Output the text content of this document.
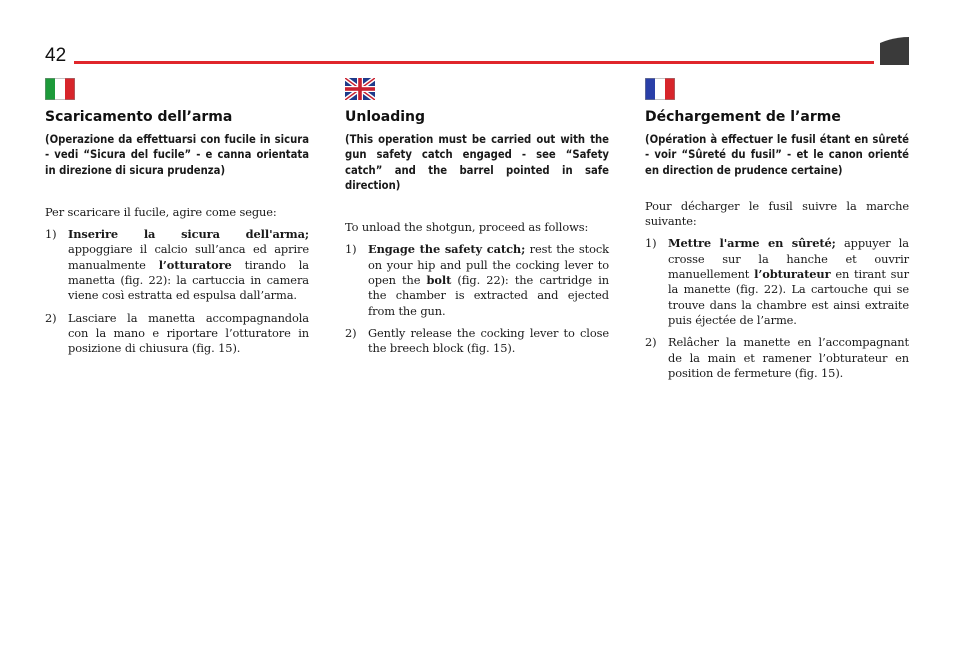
42
Scaricamento dell’arma

(Operazione da effettuarsi con fucile in sicura - vedi “Sicura del fucile” - e canna orientata in direzione di sicura prudenza)

Per scaricare il fucile, agire come segue:

1) Inserire la sicura dell'arma; appoggiare il calcio sull’anca ed aprire manualmente l’otturatore tirando la manetta (fig. 22): la cartuccia in camera viene così estratta ed espulsa dall’arma.
2) Lasciare la manetta accompagnandola con la mano e riportare l’otturatore in posizione di chiusura (fig. 15).
Unloading

(This operation must be carried out with the gun safety catch engaged - see “Safety catch” and the barrel pointed in safe direction)

To unload the shotgun, proceed as follows:

1) Engage the safety catch; rest the stock on your hip and pull the cocking lever to open the bolt (fig. 22): the cartridge in the chamber is extracted and ejected from the gun.
2) Gently release the cocking lever to close the breech block (fig. 15).
Déchargement de l’arme

(Opération à effectuer le fusil étant en sûreté - voir “Sûreté du fusil” - et le canon orienté en direction de prudence certaine)

Pour décharger le fusil suivre la marche suivante:

1) Mettre l'arme en sûreté; appuyer la crosse sur la hanche et ouvrir manuellement l’obturateur en tirant sur la manette (fig. 22). La cartouche qui se trouve dans la chambre est ainsi extraite puis éjectée de l’arme.
2) Relâcher la manette en l’accompagnant de la main et ramener l’obturateur en position de fermeture (fig. 15).
